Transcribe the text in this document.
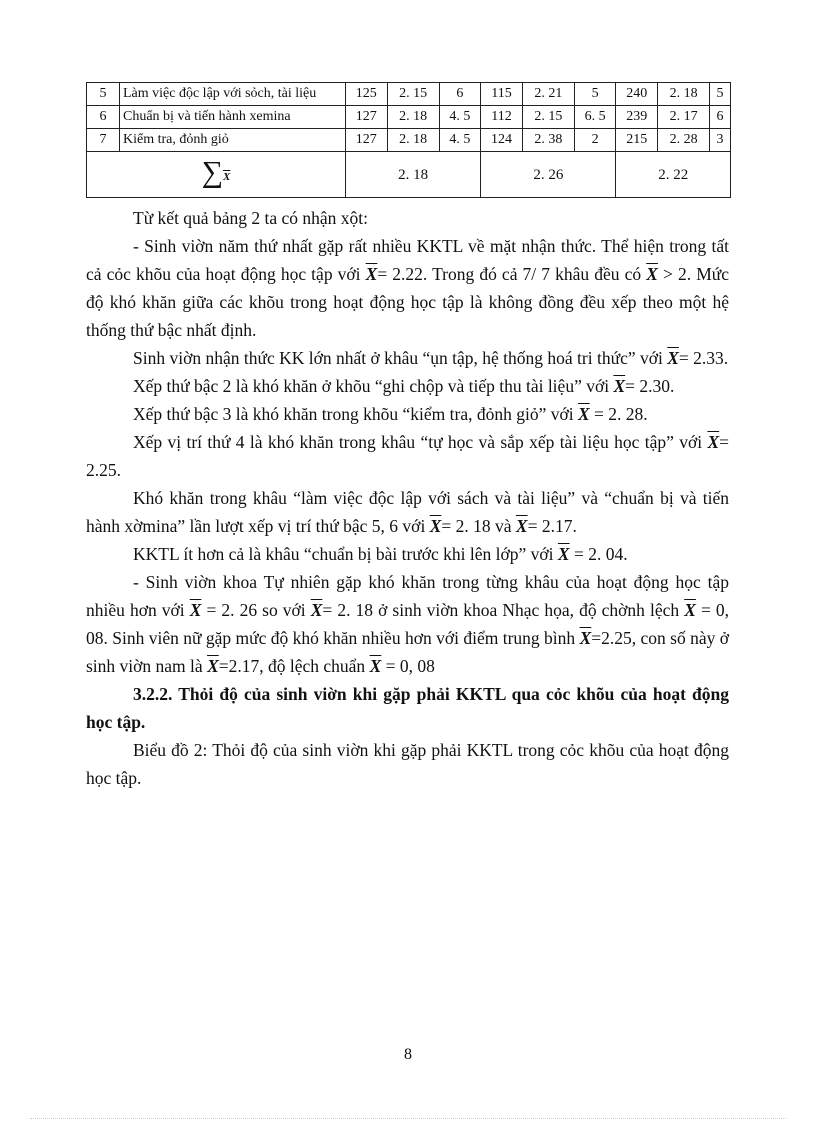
5	Làm việc độc lập với sỏch, tài liệu	125	2. 15	6	115	2. 21	5	240	2. 18	5
6	Chuẩn bị và tiến hành xemina	127	2. 18	4. 5	112	2. 15	6. 5	239	2. 17	6
7	Kiểm tra, đỏnh giỏ	127	2. 18	4. 5	124	2. 38	2	215	2. 28	3
$\sum_{\overline{X}}$		2. 18			2. 26			2. 22		

Từ kết quả bảng 2 ta có nhận xột:

- Sinh viờn năm thứ nhất gặp rất nhiều KKTL về mặt nhận thức. Thể hiện trong tất cả cỏc khõu của hoạt động học tập với $\overline{X}= 2.22$. Trong đó cả 7/ 7 khâu đều có $\overline{X} > 2$. Mức độ khó khăn giữa các khõu trong hoạt động học tập là không đồng đều xếp theo một hệ thống thứ bậc nhất định.

Sinh viờn nhận thức KK lớn nhất ở khâu “ụn tập, hệ thống hoá tri thức” với $\overline{X}= 2.33$.

Xếp thứ bậc 2 là khó khăn ở khõu “ghi chộp và tiếp thu tài liệu” với $\overline{X}= 2.30$.

Xếp thứ bậc 3 là khó khăn trong khõu “kiểm tra, đỏnh giỏ” với $\overline{X} = 2$. 28.

Xếp vị trí thứ 4 là khó khăn trong khâu “tự học và sắp xếp tài liệu học tập” với $\overline{X}= 2.25$.

Khó khăn trong khâu “làm việc độc lập với sách và tài liệu” và “chuẩn bị và tiến hành xờmina” lần lượt xếp vị trí thứ bậc 5, 6 với $\overline{X}= 2$. 18 và $\overline{X}= 2.17$.

KKTL ít hơn cả là khâu “chuẩn bị bài trước khi lên lớp” với $\overline{X} = 2$. 04.

- Sinh viờn khoa Tự nhiên gặp khó khăn trong từng khâu của hoạt động học tập nhiều hơn với $\overline{X} = 2$. 26 so với $\overline{X}= 2$. 18 ở sinh viờn khoa Nhạc họa, độ chờnh lệch $\overline{X} = 0$, 08. Sinh viên nữ gặp mức độ khó khăn nhiều hơn với điểm trung bình $\overline{X}=2.25$, con số này ở sinh viờn nam là $\overline{X}=2.17$, độ lệch chuẩn $\overline{X} = 0$, 08

3.2.2. Thỏi độ của sinh viờn khi gặp phải KKTL qua cỏc khõu của hoạt động học tập.

Biểu đồ 2: Thỏi độ của sinh viờn khi gặp phải KKTL trong cỏc khõu của hoạt động học tập.

8
